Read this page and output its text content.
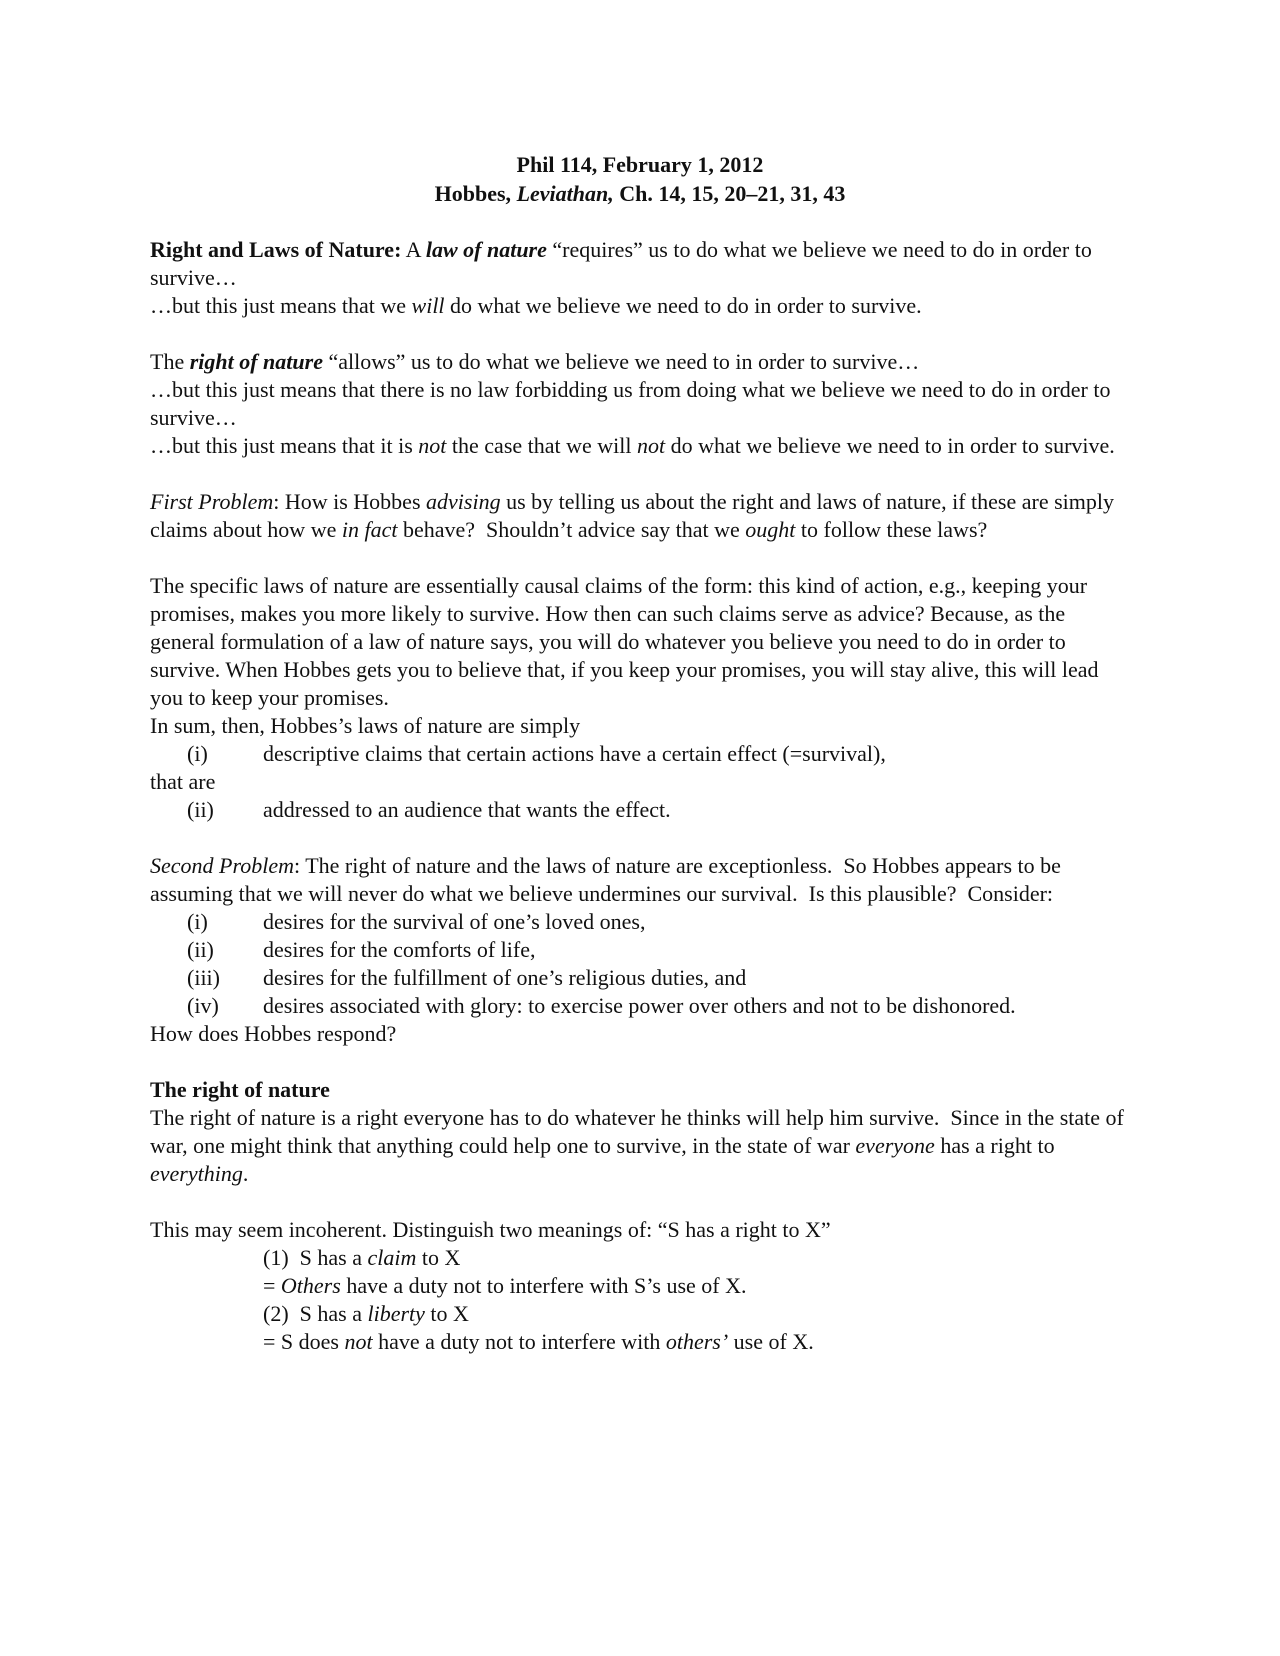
Phil 114, February 1, 2012
Hobbes, Leviathan, Ch. 14, 15, 20–21, 31, 43

Right and Laws of Nature: A law of nature “requires” us to do what we believe we need to do in order to survive…

…but this just means that we will do what we believe we need to do in order to survive.

The right of nature “allows” us to do what we believe we need to in order to survive…

…but this just means that there is no law forbidding us from doing what we believe we need to do in order to survive…

…but this just means that it is not the case that we will not do what we believe we need to in order to survive.

First Problem: How is Hobbes advising us by telling us about the right and laws of nature, if these are simply claims about how we in fact behave?  Shouldn’t advice say that we ought to follow these laws?

The specific laws of nature are essentially causal claims of the form: this kind of action, e.g., keeping your promises, makes you more likely to survive. How then can such claims serve as advice? Because, as the general formulation of a law of nature says, you will do whatever you believe you need to do in order to survive. When Hobbes gets you to believe that, if you keep your promises, you will stay alive, this will lead you to keep your promises.

In sum, then, Hobbes’s laws of nature are simply

(i)	descriptive claims that certain actions have a certain effect (=survival),

that are

(ii)	addressed to an audience that wants the effect.

Second Problem: The right of nature and the laws of nature are exceptionless.  So Hobbes appears to be assuming that we will never do what we believe undermines our survival.  Is this plausible?  Consider:

(i)	desires for the survival of one’s loved ones,
(ii)	desires for the comforts of life,
(iii)	desires for the fulfillment of one’s religious duties, and
(iv)	desires associated with glory: to exercise power over others and not to be dishonored.

How does Hobbes respond?

The right of nature

The right of nature is a right everyone has to do whatever he thinks will help him survive.  Since in the state of war, one might think that anything could help one to survive, in the state of war everyone has a right to everything.

This may seem incoherent. Distinguish two meanings of: “S has a right to X”

(1)  S has a claim to X

= Others have a duty not to interfere with S’s use of X.

(2)  S has a liberty to X

= S does not have a duty not to interfere with others’ use of X.
